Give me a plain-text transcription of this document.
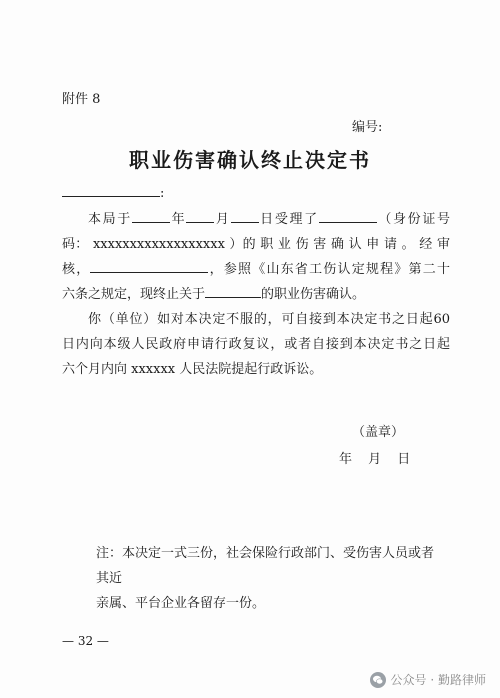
附件 8
编号:
职业伤害确认终止决定书
:
本局于	年 月 日受理了	（身份证号
码： xxxxxxxxxxxxxxxxxx ）的 职 业 伤 害 确 认 申 请 。 经 审
核，	，参照《山东省工伤认定规程》第二十
六条之规定，现终止关于	的职业伤害确认。
你（单位）如对本决定不服的，可自接到本决定书之日起60
日内向本级人民政府申请行政复议，或者自接到本决定书之日起
六个月内向 xxxxxx 人民法院提起行政诉讼。
（盖章）
年 月 日
注：本决定一式三份，社会保险行政部门、受伤害人员或者其近
亲属、平台企业各留存一份。
— 32 —
公众号 · 勤路律师
